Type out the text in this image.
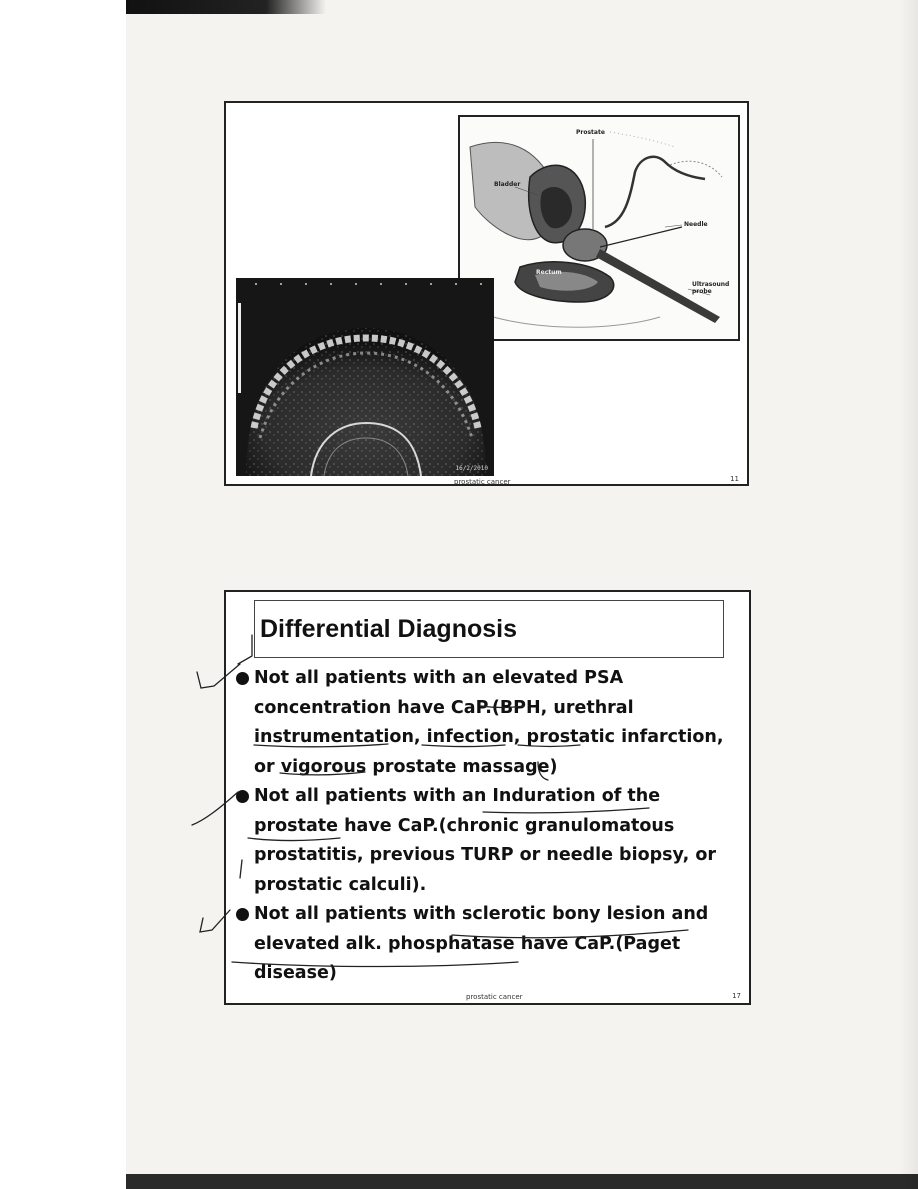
Prostate
Bladder
Needle
Rectum
Ultrasound probe
16/2/2010
prostatic cancer	11
Differential Diagnosis
Not all patients with an elevated PSA
concentration have CaP.(BPH, urethral
instrumentation, infection, prostatic infarction,
or vigorous prostate massage)
Not all patients with an Induration of the
prostate have CaP.(chronic granulomatous
prostatitis, previous TURP or needle biopsy, or
prostatic calculi).
Not all patients with sclerotic bony lesion and
elevated alk. phosphatase have CaP.(Paget
disease)
prostatic cancer	17
